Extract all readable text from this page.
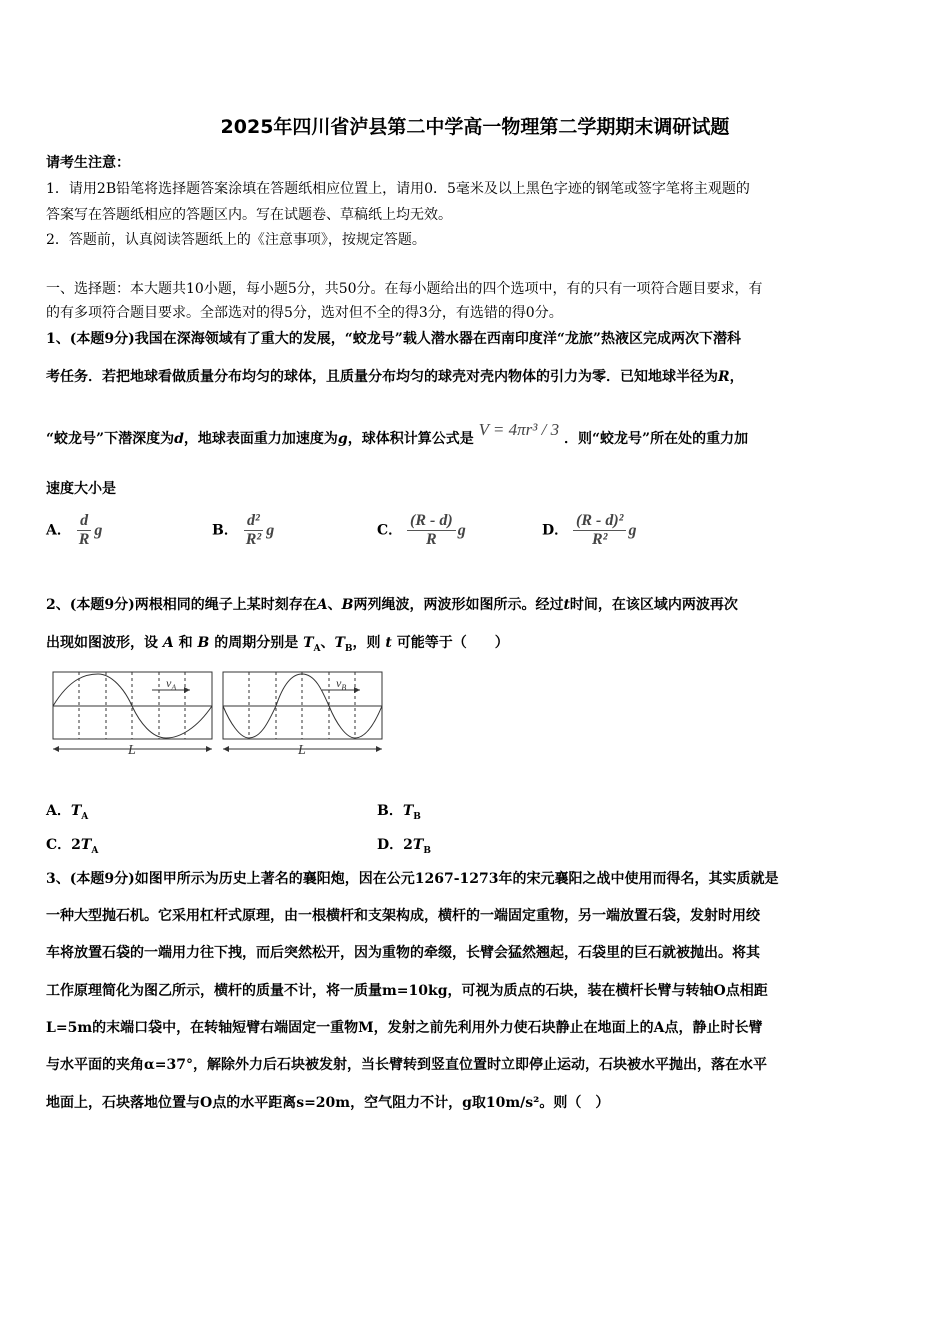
2025年四川省泸县第二中学高一物理第二学期期末调研试题
请考生注意：
1．请用2B铅笔将选择题答案涂填在答题纸相应位置上，请用0．5毫米及以上黑色字迹的钢笔或签字笔将主观题的
答案写在答题纸相应的答题区内。写在试题卷、草稿纸上均无效。
2．答题前，认真阅读答题纸上的《注意事项》，按规定答题。
一、选择题：本大题共10小题，每小题5分，共50分。在每小题给出的四个选项中，有的只有一项符合题目要求，有
的有多项符合题目要求。全部选对的得5分，选对但不全的得3分，有选错的得0分。
1、(本题9分)我国在深海领域有了重大的发展，“蛟龙号”载人潜水器在西南印度洋“龙旅”热液区完成两次下潜科
考任务．若把地球看做质量分布均匀的球体，且质量分布均匀的球壳对壳内物体的引力为零．已知地球半径为R，
“蛟龙号”下潜深度为d，地球表面重力加速度为g，球体积计算公式是 V = 4πr³ / 3 ．则“蛟龙号”所在处的重力加
速度大小是
A． $\frac{d}{R}$ g	B． $\frac{\text{d²}}{\text{R²}}$ g	C． $\frac{(R - d)}{R}$ g	D． $\frac{\text{(R - d)²}}{\text{R²}}$ g
2、(本题9分)两根相同的绳子上某时刻存在A、B两列绳波，两波形如图所示。经过t时间，在该区域内两波再次
出现如图波形，设 A 和 B 的周期分别是 $T_A$、$T_B$，则 t 可能等于（　　）
$v_A$	$v_B$
L	L
A．$T_A$	B．$T_B$
C．$2T_A$	D．$2T_B$
3、(本题9分)如图甲所示为历史上著名的襄阳炮，因在公元1267-1273年的宋元襄阳之战中使用而得名，其实质就是
一种大型抛石机。它采用杠杆式原理，由一根横杆和支架构成，横杆的一端固定重物，另一端放置石袋，发射时用绞
车将放置石袋的一端用力往下拽，而后突然松开，因为重物的牵缀，长臂会猛然翘起，石袋里的巨石就被抛出。将其
工作原理简化为图乙所示，横杆的质量不计，将一质量m=10kg，可视为质点的石块，装在横杆长臂与转轴O点相距
L=5m的末端口袋中，在转轴短臂右端固定一重物M，发射之前先利用外力使石块静止在地面上的A点，静止时长臂
与水平面的夹角α=37°，解除外力后石块被发射，当长臂转到竖直位置时立即停止运动，石块被水平抛出，落在水平
地面上，石块落地位置与O点的水平距离s=20m，空气阻力不计，g取10m/s²。则（　）
